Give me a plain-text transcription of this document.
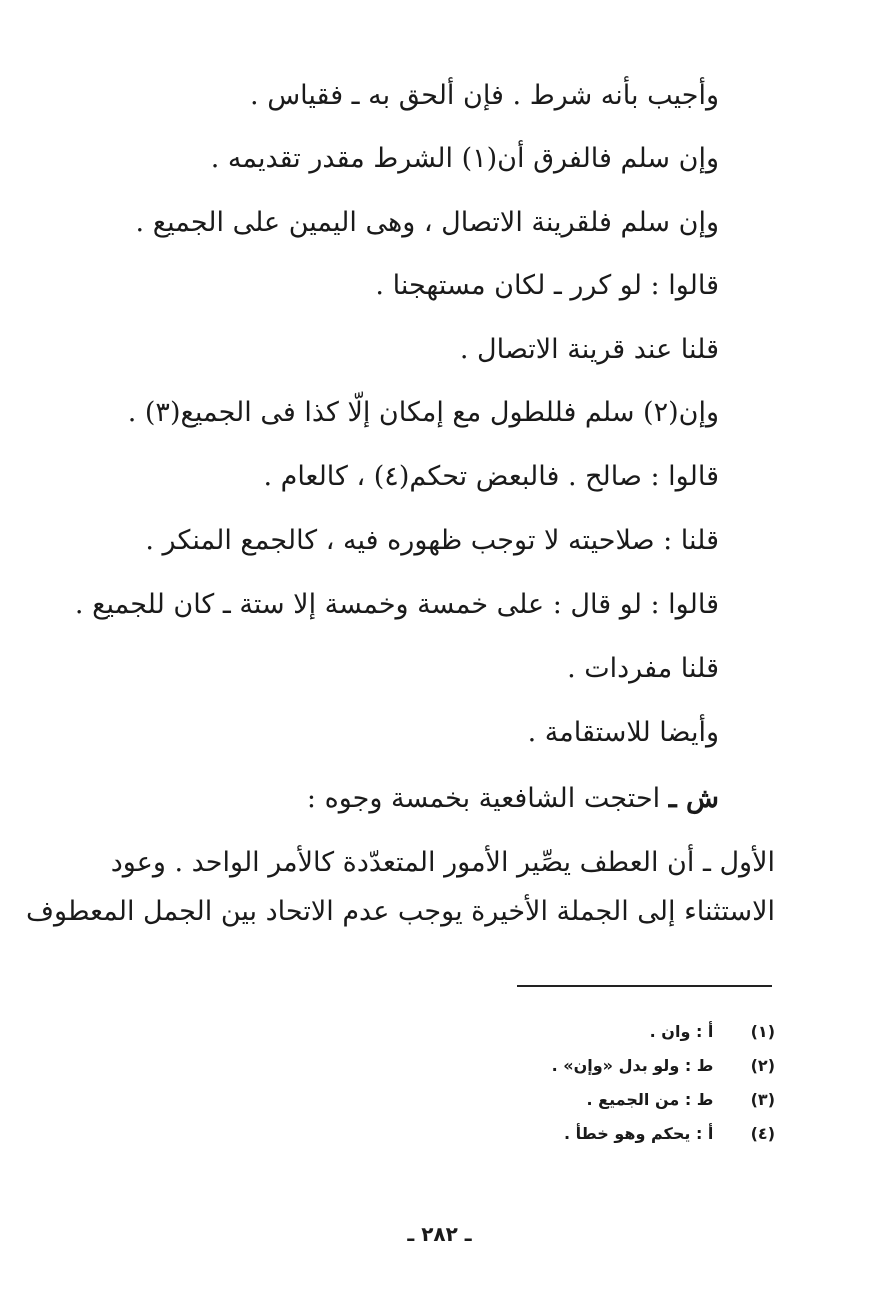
وأجيب بأنه شرط . فإن ألحق به ـ فقياس .
وإن سلم فالفرق أن(١) الشرط مقدر تقديمه .
وإن سلم فلقرينة الاتصال ، وهى اليمين على الجميع .
قالوا : لو كرر ـ لكان مستهجنا .
قلنا عند قرينة الاتصال .
وإن(٢) سلم فللطول مع إمكان إلّا كذا فى الجميع(٣) .
قالوا : صالح . فالبعض تحكم(٤) ، كالعام .
قلنا : صلاحيته لا توجب ظهوره فيه ، كالجمع المنكر .
قالوا : لو قال : على خمسة وخمسة إلا ستة ـ كان للجميع .
قلنا مفردات .
وأيضا للاستقامة .
ش ـ احتجت الشافعية بخمسة وجوه :
الأول ـ أن العطف يصِّير الأمور المتعدّدة كالأمر الواحد . وعود
الاستثناء إلى الجملة الأخيرة يوجب عدم الاتحاد بين الجمل المعطوف
(١) أ : وان .
(٢) ط : ولو بدل «وإن» .
(٣) ط : من الجميع .
(٤) أ : يحكم وهو خطأ .
ـ ٢٨٢ ـ
